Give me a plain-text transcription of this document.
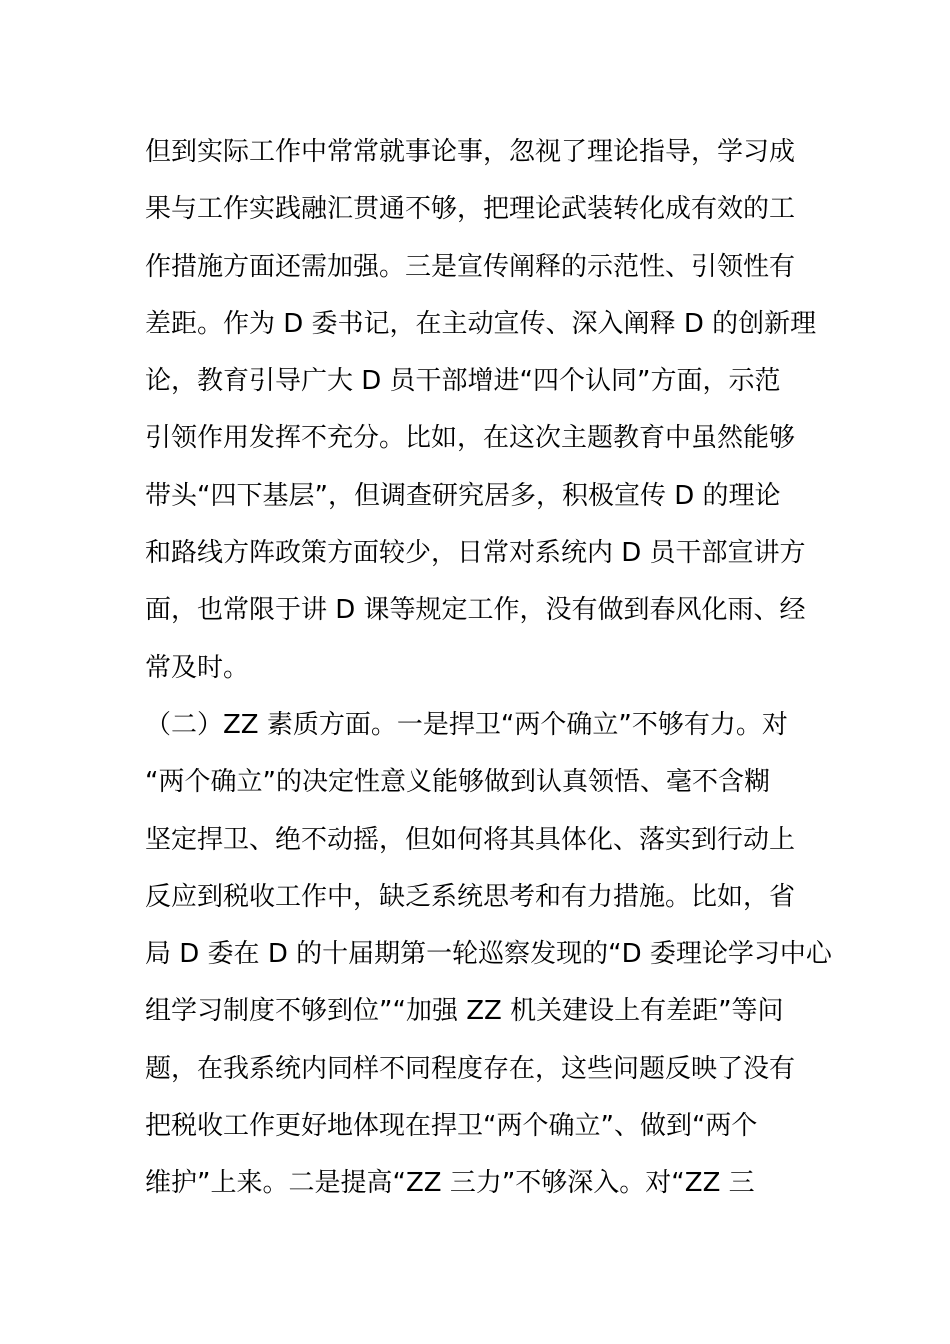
但到实际工作中常常就事论事，忽视了理论指导，学习成
果与工作实践融汇贯通不够，把理论武装转化成有效的工
作措施方面还需加强。三是宣传阐释的示范性、引领性有
差距。作为 D 委书记，在主动宣传、深入阐释 D 的创新理
论，教育引导广大 D 员干部增进“四个认同”方面，示范
引领作用发挥不充分。比如，在这次主题教育中虽然能够
带头“四下基层”，但调查研究居多，积极宣传 D 的理论
和路线方阵政策方面较少，日常对系统内 D 员干部宣讲方
面，也常限于讲 D 课等规定工作，没有做到春风化雨、经
常及时。
（二）ZZ 素质方面。一是捍卫“两个确立”不够有力。对
“两个确立”的决定性意义能够做到认真领悟、毫不含糊
坚定捍卫、绝不动摇，但如何将其具体化、落实到行动上
反应到税收工作中，缺乏系统思考和有力措施。比如，省
局 D 委在 D 的十届期第一轮巡察发现的“D 委理论学习中心
组学习制度不够到位”“加强 ZZ 机关建设上有差距”等问
题，在我系统内同样不同程度存在，这些问题反映了没有
把税收工作更好地体现在捍卫“两个确立”、做到“两个
维护”上来。二是提高“ZZ 三力”不够深入。对“ZZ 三
